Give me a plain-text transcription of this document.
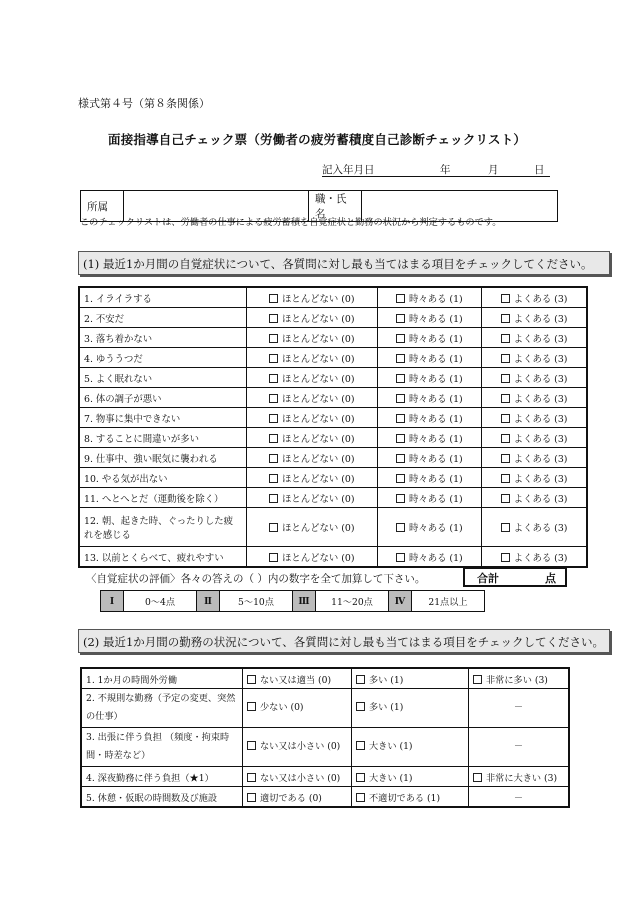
様式第４号（第８条関係）
面接指導自己チェック票（労働者の疲労蓄積度自己診断チェックリスト）
記入年月日	年	月	日
所属		職・氏名	
このチェックリストは、労働者の仕事による疲労蓄積を自覚症状と勤務の状況から判定するものです。
(1) 最近1か月間の自覚症状について、各質問に対し最も当てはまる項目をチェックしてください。
1. イライラする	ほとんどない (0)	時々ある (1)	よくある (3)
2. 不安だ	ほとんどない (0)	時々ある (1)	よくある (3)
3. 落ち着かない	ほとんどない (0)	時々ある (1)	よくある (3)
4. ゆううつだ	ほとんどない (0)	時々ある (1)	よくある (3)
5. よく眠れない	ほとんどない (0)	時々ある (1)	よくある (3)
6. 体の調子が悪い	ほとんどない (0)	時々ある (1)	よくある (3)
7. 物事に集中できない	ほとんどない (0)	時々ある (1)	よくある (3)
8. することに間違いが多い	ほとんどない (0)	時々ある (1)	よくある (3)
9. 仕事中、強い眠気に襲われる	ほとんどない (0)	時々ある (1)	よくある (3)
10. やる気が出ない	ほとんどない (0)	時々ある (1)	よくある (3)
11. へとへとだ（運動後を除く）	ほとんどない (0)	時々ある (1)	よくある (3)
12. 朝、起きた時、ぐったりした疲れを感じる	ほとんどない (0)	時々ある (1)	よくある (3)
13. 以前とくらべて、疲れやすい	ほとんどない (0)	時々ある (1)	よくある (3)
〈自覚症状の評価〉各々の答えの（ ）内の数字を全て加算して下さい。	合計	点
Ⅰ	0〜4点	Ⅱ	5〜10点	Ⅲ	11〜20点	Ⅳ	21点以上
(2) 最近1か月間の勤務の状況について、各質問に対し最も当てはまる項目をチェックしてください。
1. 1か月の時間外労働	ない又は適当 (0)	多い (1)	非常に多い (3)
2. 不規則な勤務（予定の変更、突然の仕事）	少ない (0)	多い (1)	－
3. 出張に伴う負担 （頻度・拘束時間・時差など）	ない又は小さい (0)	大きい (1)	－
4. 深夜勤務に伴う負担（★1）	ない又は小さい (0)	大きい (1)	非常に大きい (3)
5. 休憩・仮眠の時間数及び施設	適切である (0)	不適切である (1)	－
